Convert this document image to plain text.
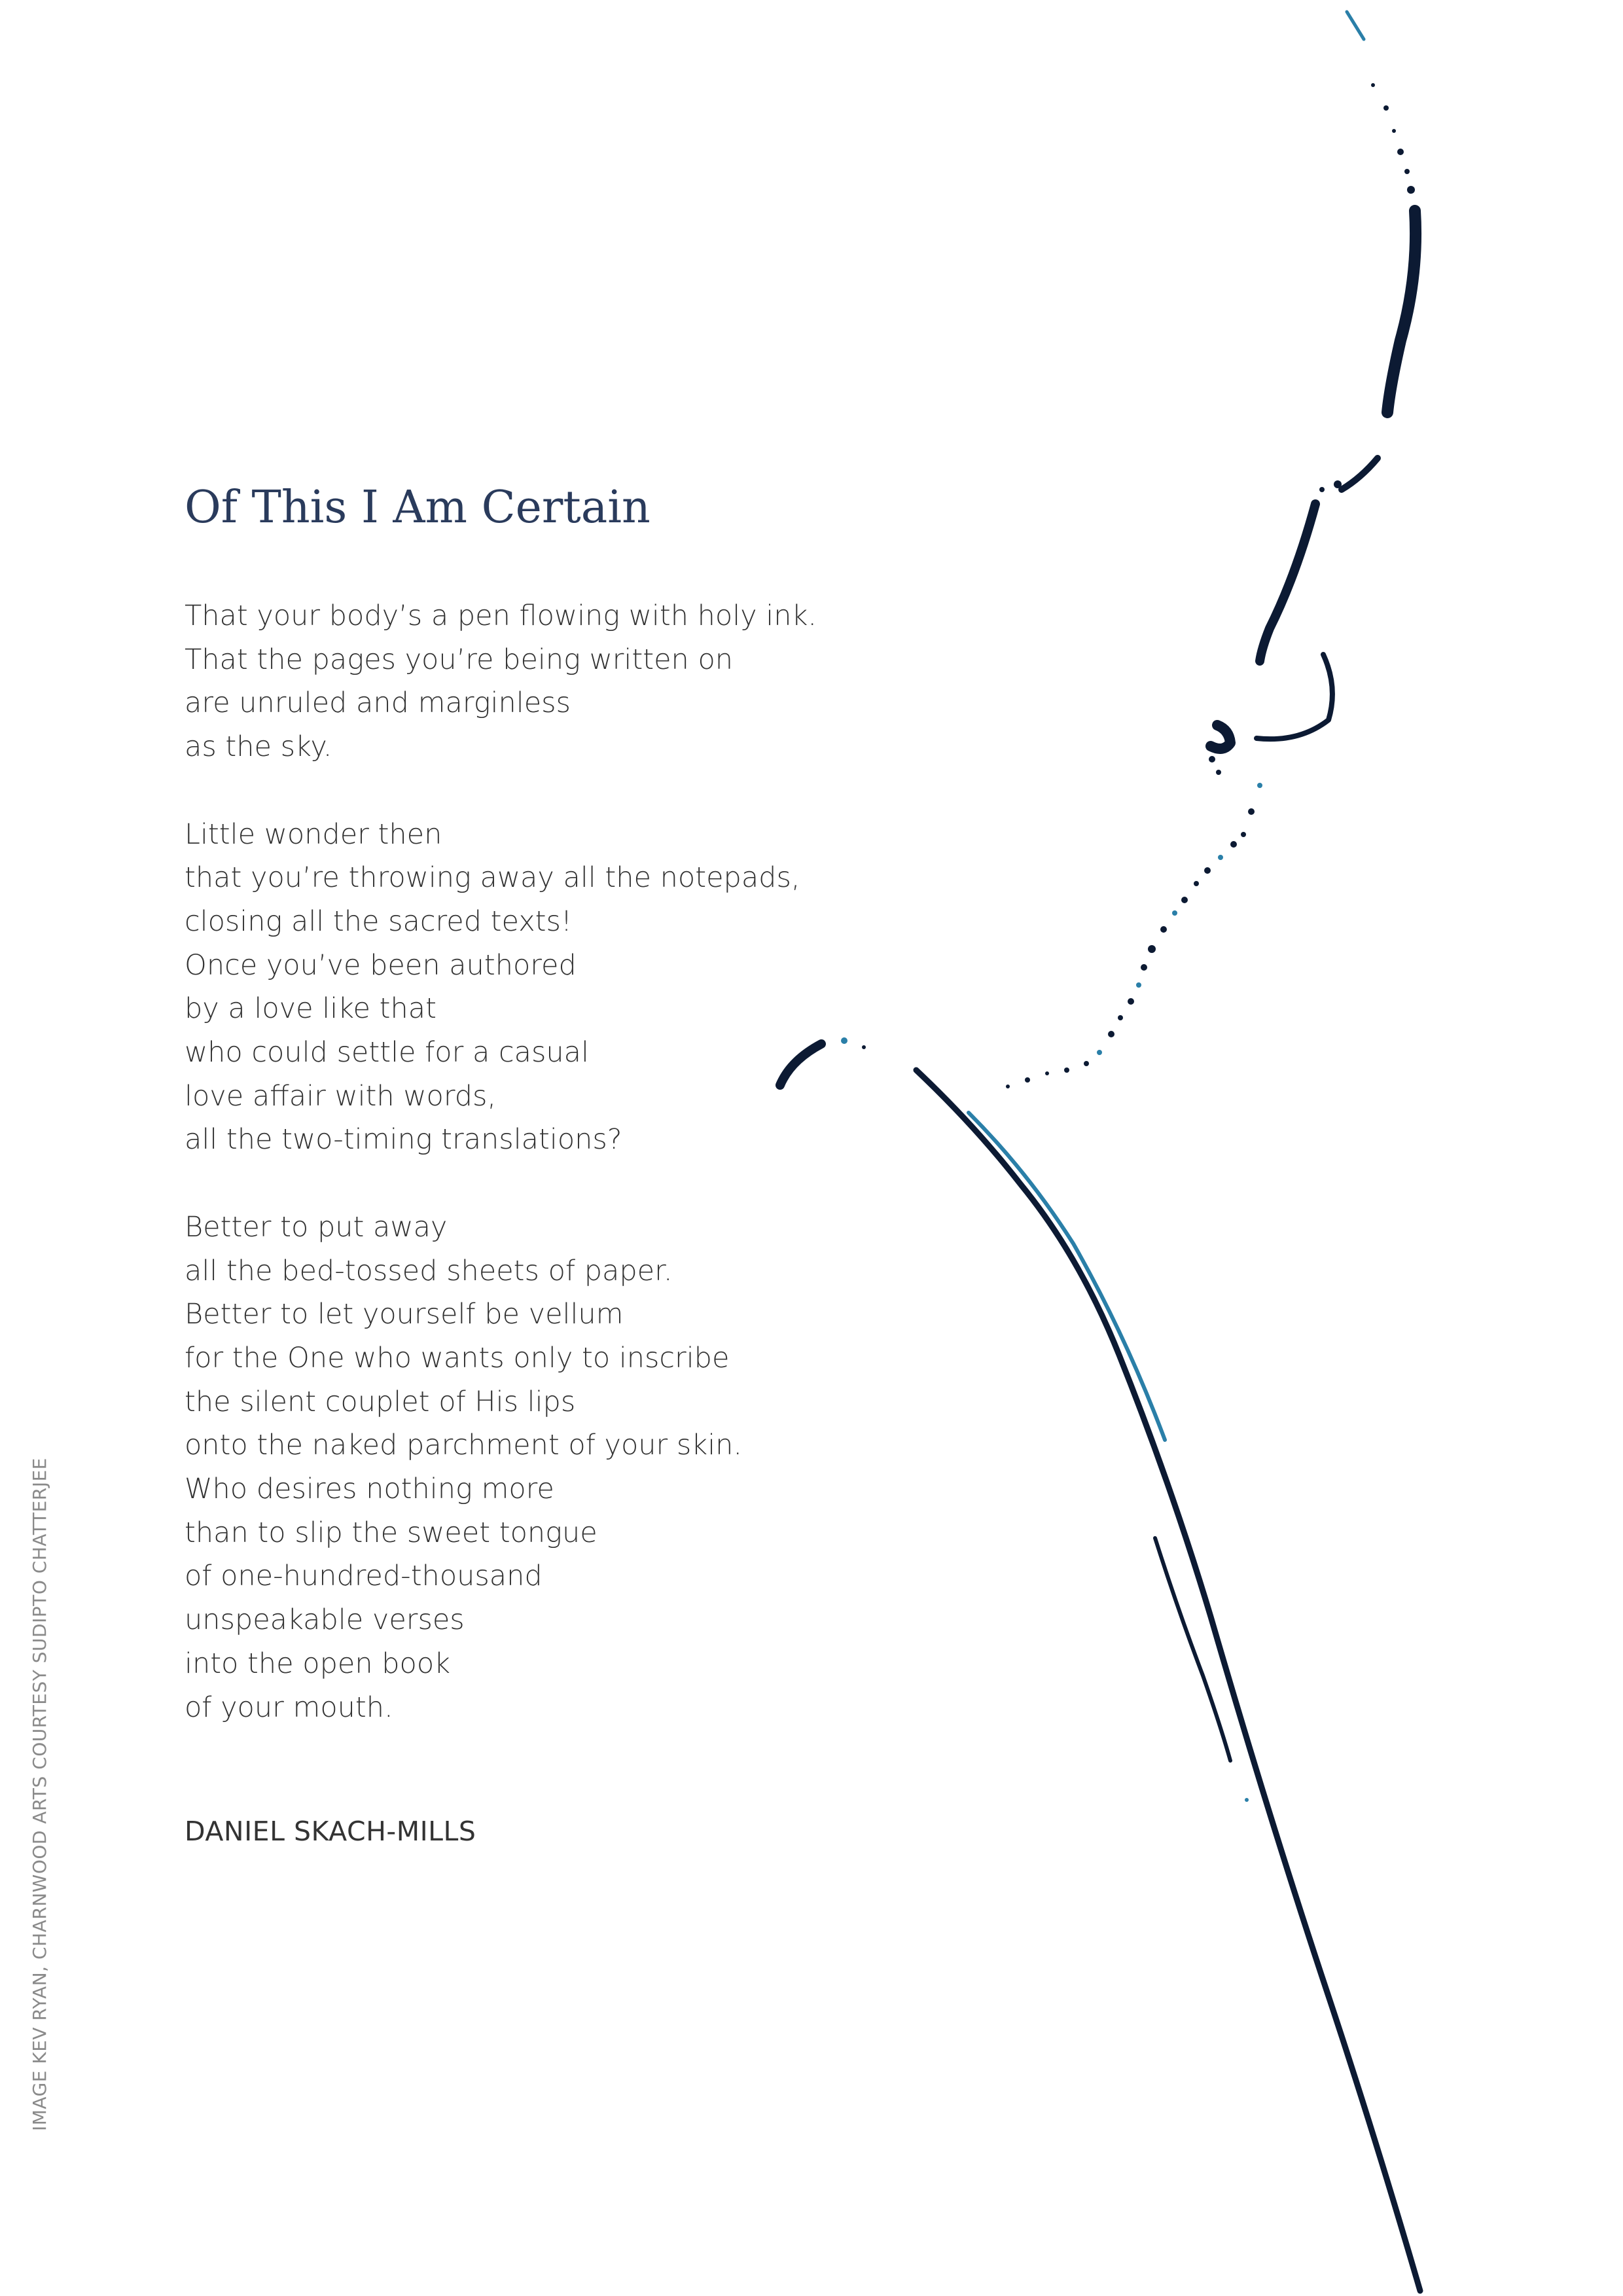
Of This I Am Certain

That your body’s a pen flowing with holy ink.
That the pages you’re being written on
are unruled and marginless
as the sky.

Little wonder then
that you’re throwing away all the notepads,
closing all the sacred texts!
Once you’ve been authored
by a love like that
who could settle for a casual
love affair with words,
all the two-timing translations?

Better to put away
all the bed-tossed sheets of paper.
Better to let yourself be vellum
for the One who wants only to inscribe
the silent couplet of His lips
onto the naked parchment of your skin.
Who desires nothing more
than to slip the sweet tongue
of one-hundred-thousand
unspeakable verses
into the open book
of your mouth.

DANIEL SKACH-MILLS

IMAGE KEV RYAN, CHARNWOOD ARTS COURTESY SUDIPTO CHATTERJEE
